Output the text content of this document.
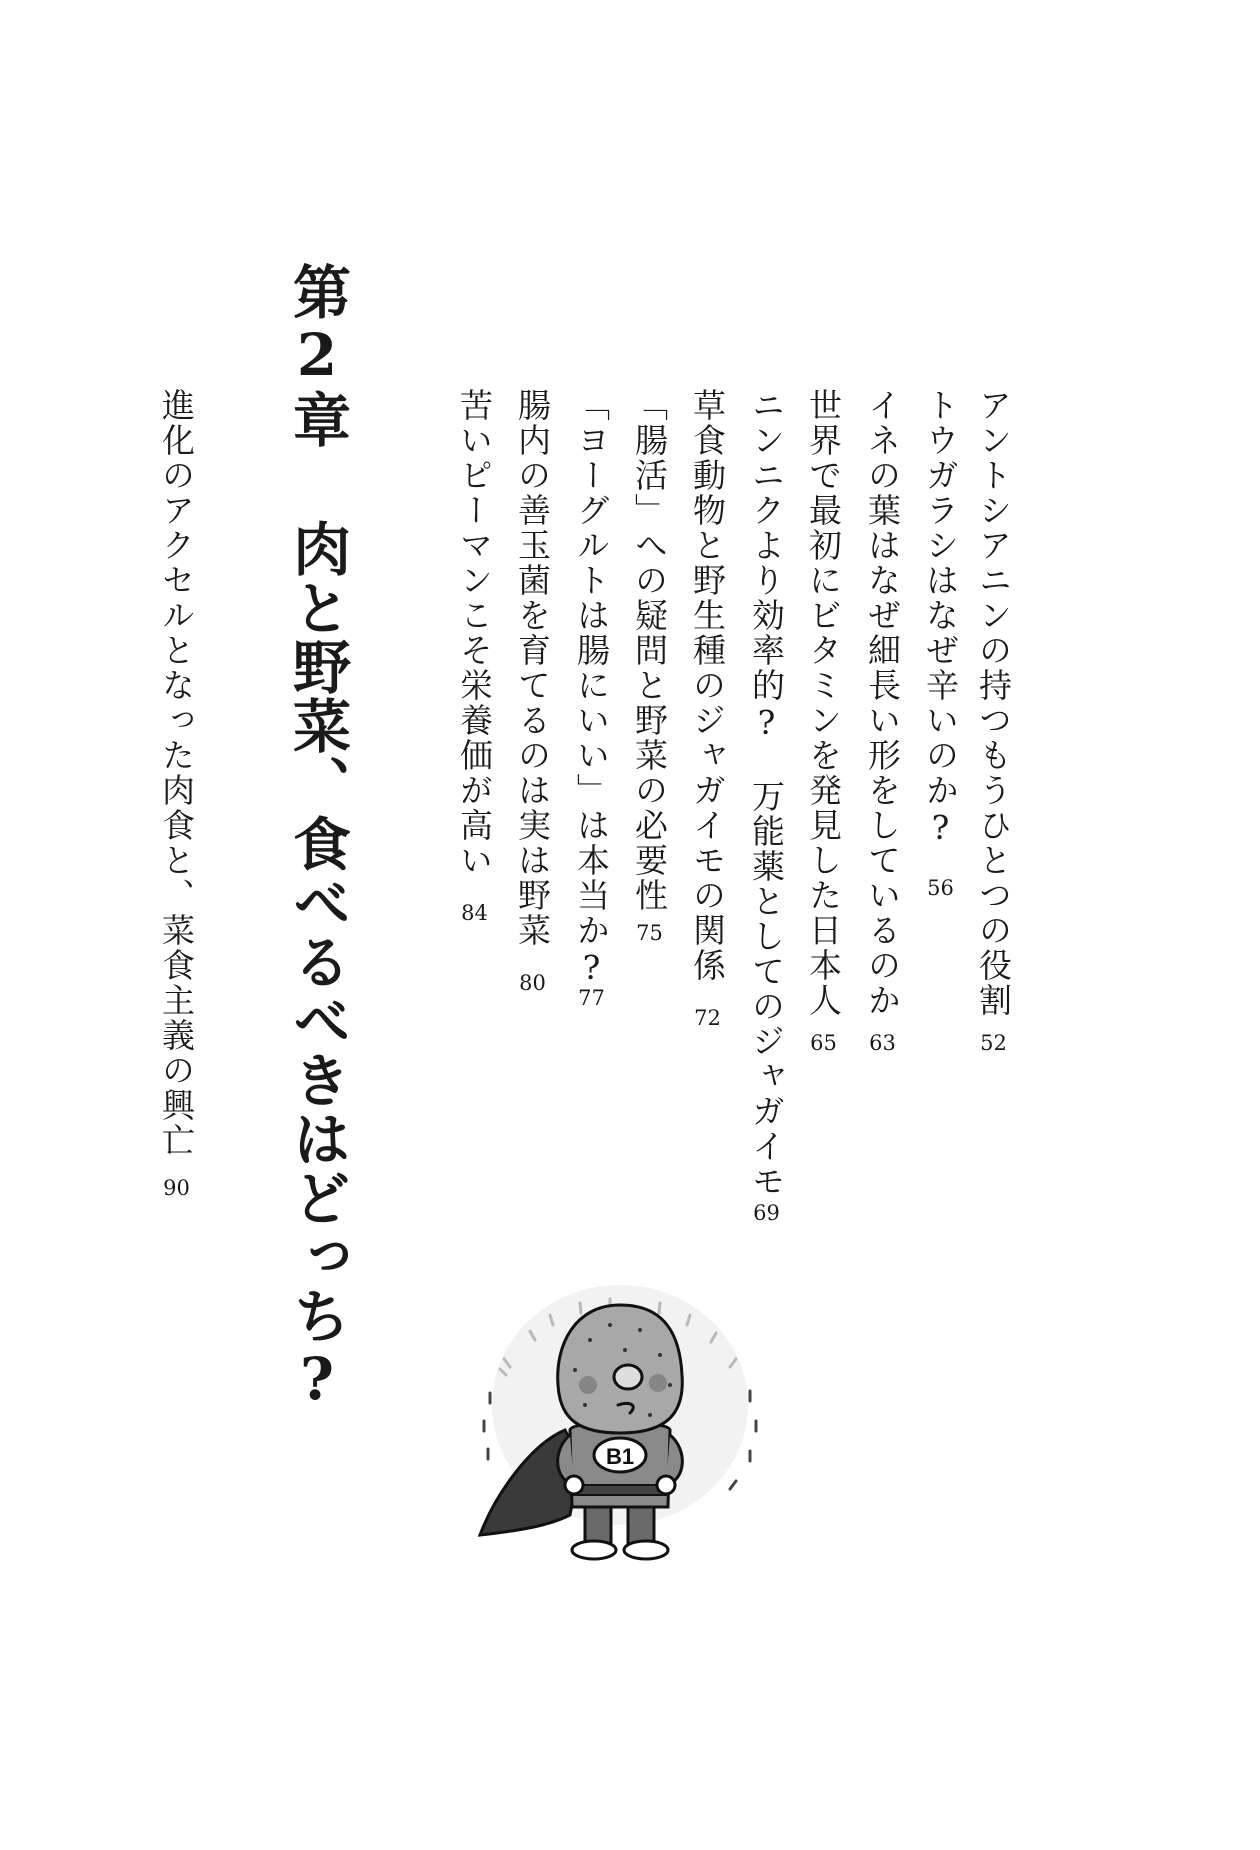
第2章肉と野菜、食べるべきはどっち?
アントシアニンの持つもうひとつの役割
52
トウガラシはなぜ辛いのか?
56
イネの葉はなぜ細長い形をしているのか
63
世界で最初にビタミンを発見した日本人
65
ニンニクより効率的?　万能薬としてのジャガイモ
69
草食動物と野生種のジャガイモの関係
72
「腸活」への疑問と野菜の必要性
75
「ヨーグルトは腸にいい」は本当か?
77
腸内の善玉菌を育てるのは実は野菜
80
苦いピーマンこそ栄養価が高い
84
進化のアクセルとなった肉食と、菜食主義の興亡
90
B1
